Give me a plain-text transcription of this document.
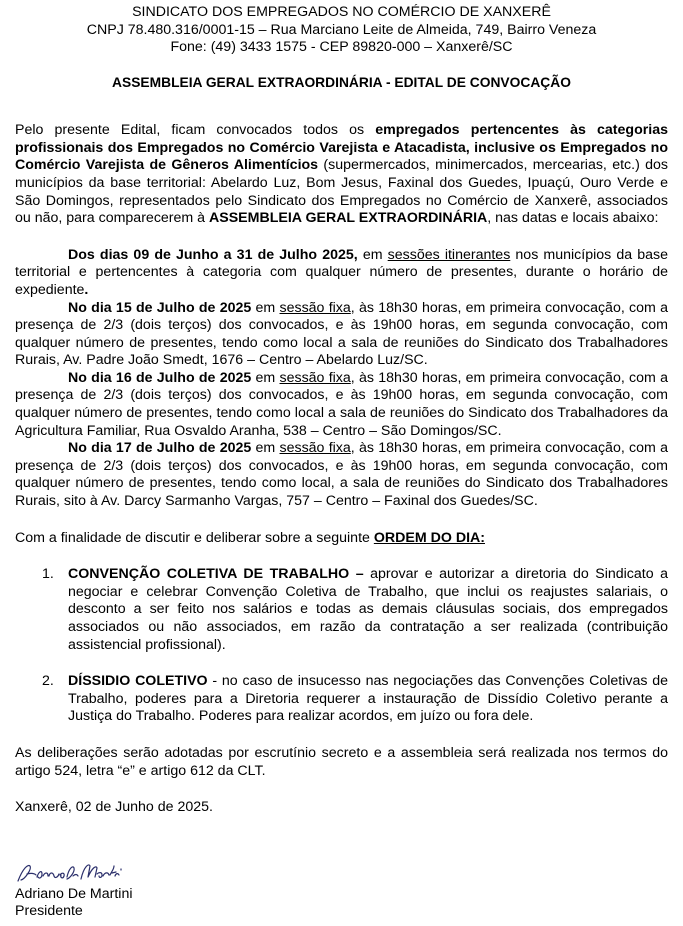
SINDICATO DOS EMPREGADOS NO COMÉRCIO DE XANXERÊ

CNPJ 78.480.316/0001-15 – Rua Marciano Leite de Almeida, 749, Bairro Veneza

Fone: (49) 3433 1575 - CEP 89820-000 – Xanxerê/SC

ASSEMBLEIA GERAL EXTRAORDINÁRIA - EDITAL DE CONVOCAÇÃO

Pelo presente Edital, ficam convocados todos os empregados pertencentes às categorias profissionais dos Empregados no Comércio Varejista e Atacadista, inclusive os Empregados no Comércio Varejista de Gêneros Alimentícios (supermercados, minimercados, mercearias, etc.) dos municípios da base territorial: Abelardo Luz, Bom Jesus, Faxinal dos Guedes, Ipuaçú, Ouro Verde e São Domingos, representados pelo Sindicato dos Empregados no Comércio de Xanxerê, associados ou não, para comparecerem à ASSEMBLEIA GERAL EXTRAORDINÁRIA, nas datas e locais abaixo:

Dos dias 09 de Junho a 31 de Julho 2025, em sessões itinerantes nos municípios da base territorial e pertencentes à categoria com qualquer número de presentes, durante o horário de expediente.

No dia 15 de Julho de 2025 em sessão fixa, às 18h30 horas, em primeira convocação, com a presença de 2/3 (dois terços) dos convocados, e às 19h00 horas, em segunda convocação, com qualquer número de presentes, tendo como local a sala de reuniões do Sindicato dos Trabalhadores Rurais, Av. Padre João Smedt, 1676 – Centro – Abelardo Luz/SC.

No dia 16 de Julho de 2025 em sessão fixa, às 18h30 horas, em primeira convocação, com a presença de 2/3 (dois terços) dos convocados, e às 19h00 horas, em segunda convocação, com qualquer número de presentes, tendo como local a sala de reuniões do Sindicato dos Trabalhadores da Agricultura Familiar, Rua Osvaldo Aranha, 538 – Centro – São Domingos/SC.

No dia 17 de Julho de 2025 em sessão fixa, às 18h30 horas, em primeira convocação, com a presença de 2/3 (dois terços) dos convocados, e às 19h00 horas, em segunda convocação, com qualquer número de presentes, tendo como local, a sala de reuniões do Sindicato dos Trabalhadores Rurais, sito à Av. Darcy Sarmanho Vargas, 757 – Centro – Faxinal dos Guedes/SC.

Com a finalidade de discutir e deliberar sobre a seguinte ORDEM DO DIA:

1. CONVENÇÃO COLETIVA DE TRABALHO – aprovar e autorizar a diretoria do Sindicato a negociar e celebrar Convenção Coletiva de Trabalho, que inclui os reajustes salariais, o desconto a ser feito nos salários e todas as demais cláusulas sociais, dos empregados associados ou não associados, em razão da contratação a ser realizada (contribuição assistencial profissional).

2. DÍSSIDIO COLETIVO - no caso de insucesso nas negociações das Convenções Coletivas de Trabalho, poderes para a Diretoria requerer a instauração de Dissídio Coletivo perante a Justiça do Trabalho. Poderes para realizar acordos, em juízo ou fora dele.

As deliberações serão adotadas por escrutínio secreto e a assembleia será realizada nos termos do artigo 524, letra “e” e artigo 612 da CLT.

Xanxerê, 02 de Junho de 2025.

Adriano De Martini

Presidente
